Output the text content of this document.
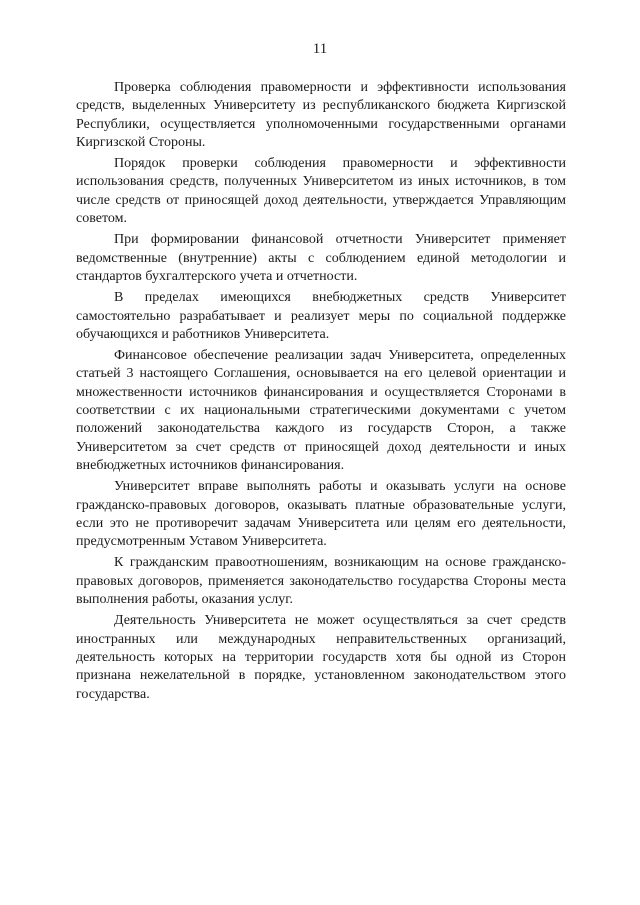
11

Проверка соблюдения правомерности и эффективности использования средств, выделенных Университету из республиканского бюджета Киргизской Республики, осуществляется уполномоченными государственными органами Киргизской Стороны.

Порядок проверки соблюдения правомерности и эффективности использования средств, полученных Университетом из иных источников, в том числе средств от приносящей доход деятельности, утверждается Управляющим советом.

При формировании финансовой отчетности Университет применяет ведомственные (внутренние) акты с соблюдением единой методологии и стандартов бухгалтерского учета и отчетности.

В пределах имеющихся внебюджетных средств Университет самостоятельно разрабатывает и реализует меры по социальной поддержке обучающихся и работников Университета.

Финансовое обеспечение реализации задач Университета, определенных статьей 3 настоящего Соглашения, основывается на его целевой ориентации и множественности источников финансирования и осуществляется Сторонами в соответствии с их национальными стратегическими документами с учетом положений законодательства каждого из государств Сторон, а также Университетом за счет средств от приносящей доход деятельности и иных внебюджетных источников финансирования.

Университет вправе выполнять работы и оказывать услуги на основе гражданско-правовых договоров, оказывать платные образовательные услуги, если это не противоречит задачам Университета или целям его деятельности, предусмотренным Уставом Университета.

К гражданским правоотношениям, возникающим на основе гражданско-правовых договоров, применяется законодательство государства Стороны места выполнения работы, оказания услуг.

Деятельность Университета не может осуществляться за счет средств иностранных или международных неправительственных организаций, деятельность которых на территории государств хотя бы одной из Сторон признана нежелательной в порядке, установленном законодательством этого государства.
